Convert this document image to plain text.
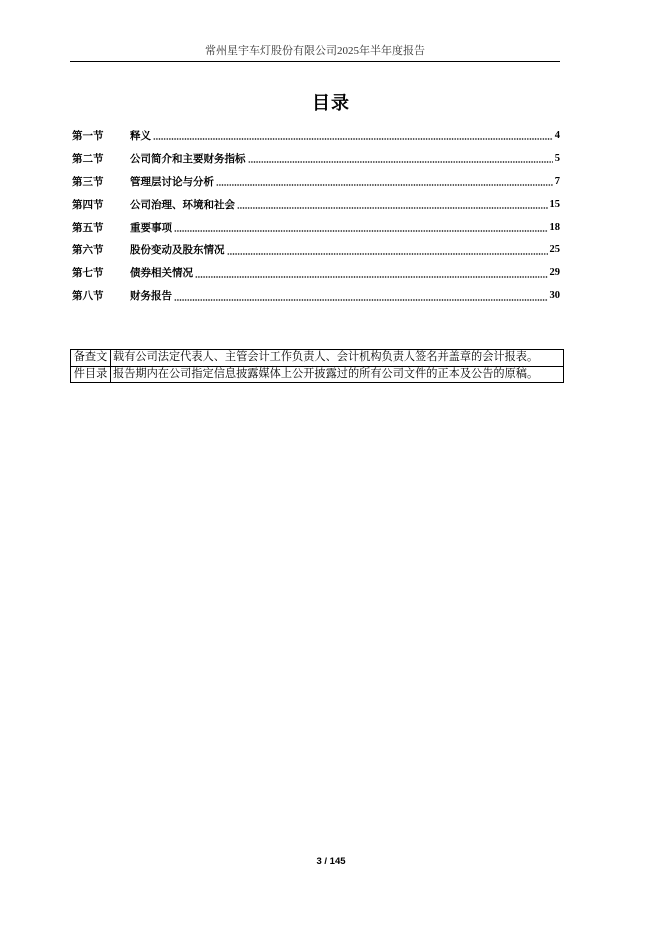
常州星宇车灯股份有限公司2025年半年度报告
目录
第一节	释义	4
第二节	公司简介和主要财务指标	5
第三节	管理层讨论与分析	7
第四节	公司治理、环境和社会	15
第五节	重要事项	18
第六节	股份变动及股东情况	25
第七节	债券相关情况	29
第八节	财务报告	30
备查文	载有公司法定代表人、主管会计工作负责人、会计机构负责人签名并盖章的会计报表。
件目录	报告期内在公司指定信息披露媒体上公开披露过的所有公司文件的正本及公告的原稿。
3 / 145
